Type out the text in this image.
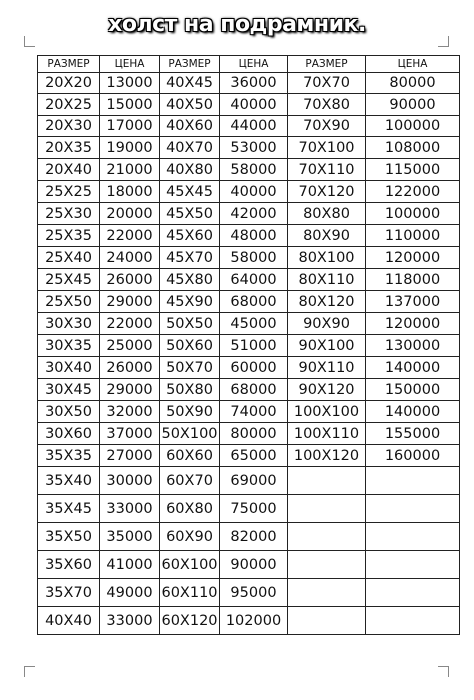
холст на подрамник.
РАЗМЕР	ЦЕНА	РАЗМЕР	ЦЕНА	РАЗМЕР	ЦЕНА
20X20	13000	40X45	36000	70X70	80000
20X25	15000	40X50	40000	70X80	90000
20X30	17000	40X60	44000	70X90	100000
20X35	19000	40X70	53000	70X100	108000
20X40	21000	40X80	58000	70X110	115000
25X25	18000	45X45	40000	70X120	122000
25X30	20000	45X50	42000	80X80	100000
25X35	22000	45X60	48000	80X90	110000
25X40	24000	45X70	58000	80X100	120000
25X45	26000	45X80	64000	80X110	118000
25X50	29000	45X90	68000	80X120	137000
30X30	22000	50X50	45000	90X90	120000
30X35	25000	50X60	51000	90X100	130000
30X40	26000	50X70	60000	90X110	140000
30X45	29000	50X80	68000	90X120	150000
30X50	32000	50X90	74000	100X100	140000
30X60	37000	50X100	80000	100X110	155000
35X35	27000	60X60	65000	100X120	160000
35X40	30000	60X70	69000		
35X45	33000	60X80	75000		
35X50	35000	60X90	82000		
35X60	41000	60X100	90000		
35X70	49000	60X110	95000		
40X40	33000	60X120	102000		
